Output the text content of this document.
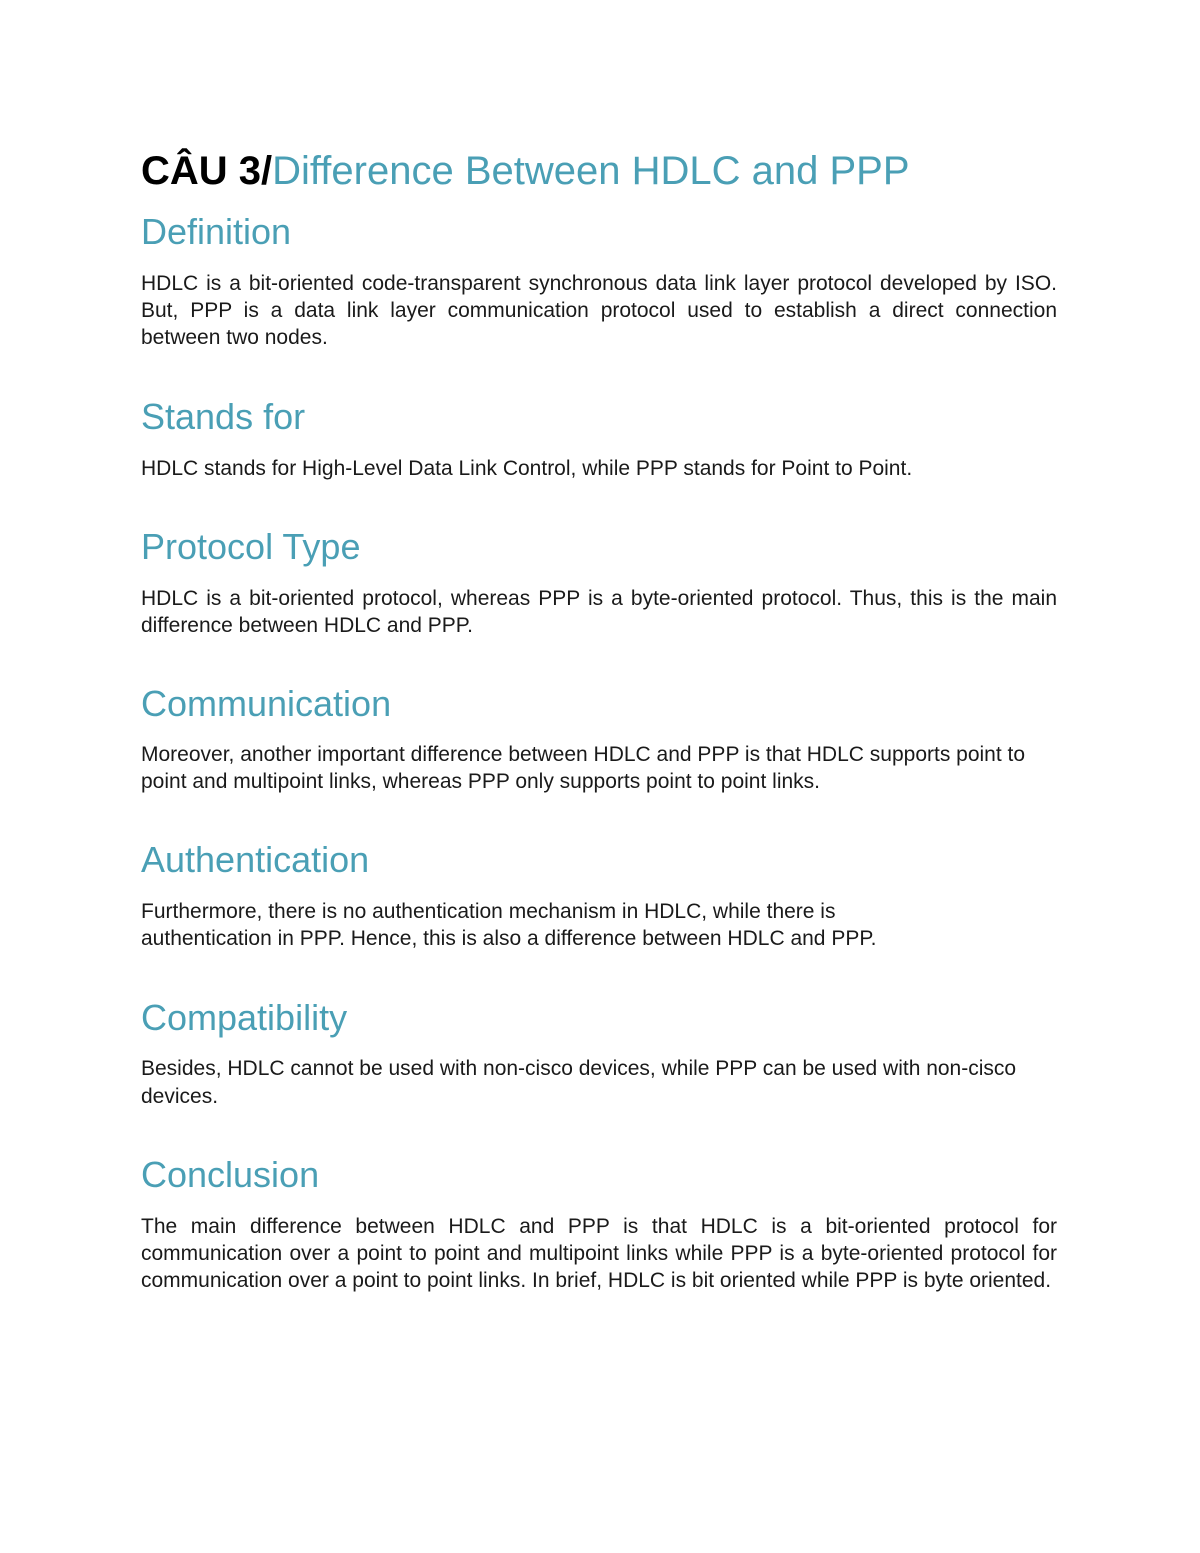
CÂU 3/Difference Between HDLC and PPP
Definition

HDLC is a bit-oriented code-transparent synchronous data link layer protocol developed by ISO. But, PPP is a data link layer communication protocol used to establish a direct connection between two nodes.

Stands for

HDLC stands for High-Level Data Link Control, while PPP stands for Point to Point.

Protocol Type

HDLC is a bit-oriented protocol, whereas PPP is a byte-oriented protocol. Thus, this is the main difference between HDLC and PPP.

Communication

Moreover, another important difference between HDLC and PPP is that HDLC supports point to point and multipoint links, whereas PPP only supports point to point links.

Authentication

Furthermore, there is no authentication mechanism in HDLC, while there is authentication in PPP. Hence, this is also a difference between HDLC and PPP.

Compatibility

Besides, HDLC cannot be used with non-cisco devices, while PPP can be used with non-cisco devices.

Conclusion

The main difference between HDLC and PPP is that HDLC is a bit-oriented protocol for communication over a point to point and multipoint links while PPP is a byte-oriented protocol for communication over a point to point links. In brief, HDLC is bit oriented while PPP is byte oriented.
